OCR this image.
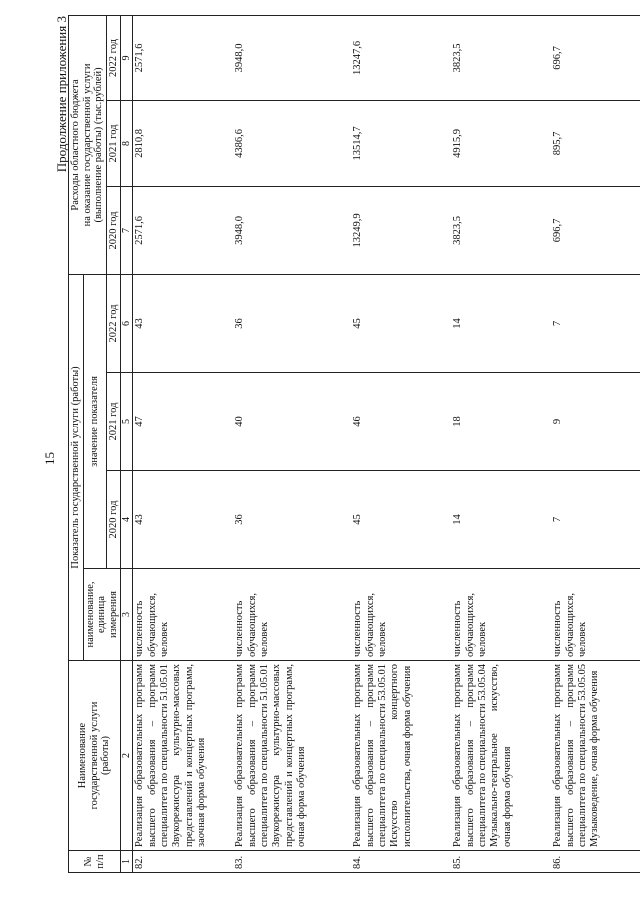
15
Продолжение приложения 3
№
п/п	Наименование
государственной услуги
(работы)	Показатель государственной услуги (работы)				Расходы областного бюджета
на оказание государственной услуги
(выполнение работы) (тыс.рублей)		
		наименование,
единица
измерения	значение показателя					
			2020 год	2021 год	2022 год	2020 год	2021 год	2022 год
1	2	3	4	5	6	7	8	9
82.	Реализация образовательных программ высшего образования – программ специалитета по специальности 51.05.01 Звукорежиссура культурно-массовых представлений и концертных программ, заочная форма обучения	численность обучающихся, человек	43	47	43	2571,6	2810,8	2571,6
83.	Реализация образовательных программ высшего образования – программ специалитета по специальности 51.05.01 Звукорежиссура культурно-массовых представлений и концертных программ, очная форма обучения	численность обучающихся, человек	36	40	36	3948,0	4386,6	3948,0
84.	Реализация образовательных программ высшего образования – программ специалитета по специальности 53.05.01 Искусство концертного исполнительства, очная форма обучения	численность обучающихся, человек	45	46	45	13249,9	13514,7	13247,6
85.	Реализация образовательных программ высшего образования – программ специалитета по специальности 53.05.04 Музыкально-театральное искусство, очная форма обучения	численность обучающихся, человек	14	18	14	3823,5	4915,9	3823,5
86.	Реализация образовательных программ высшего образования – программ специалитета по специальности 53.05.05 Музыковедение, очная форма обучения	численность обучающихся, человек	7	9	7	696,7	895,7	696,7
